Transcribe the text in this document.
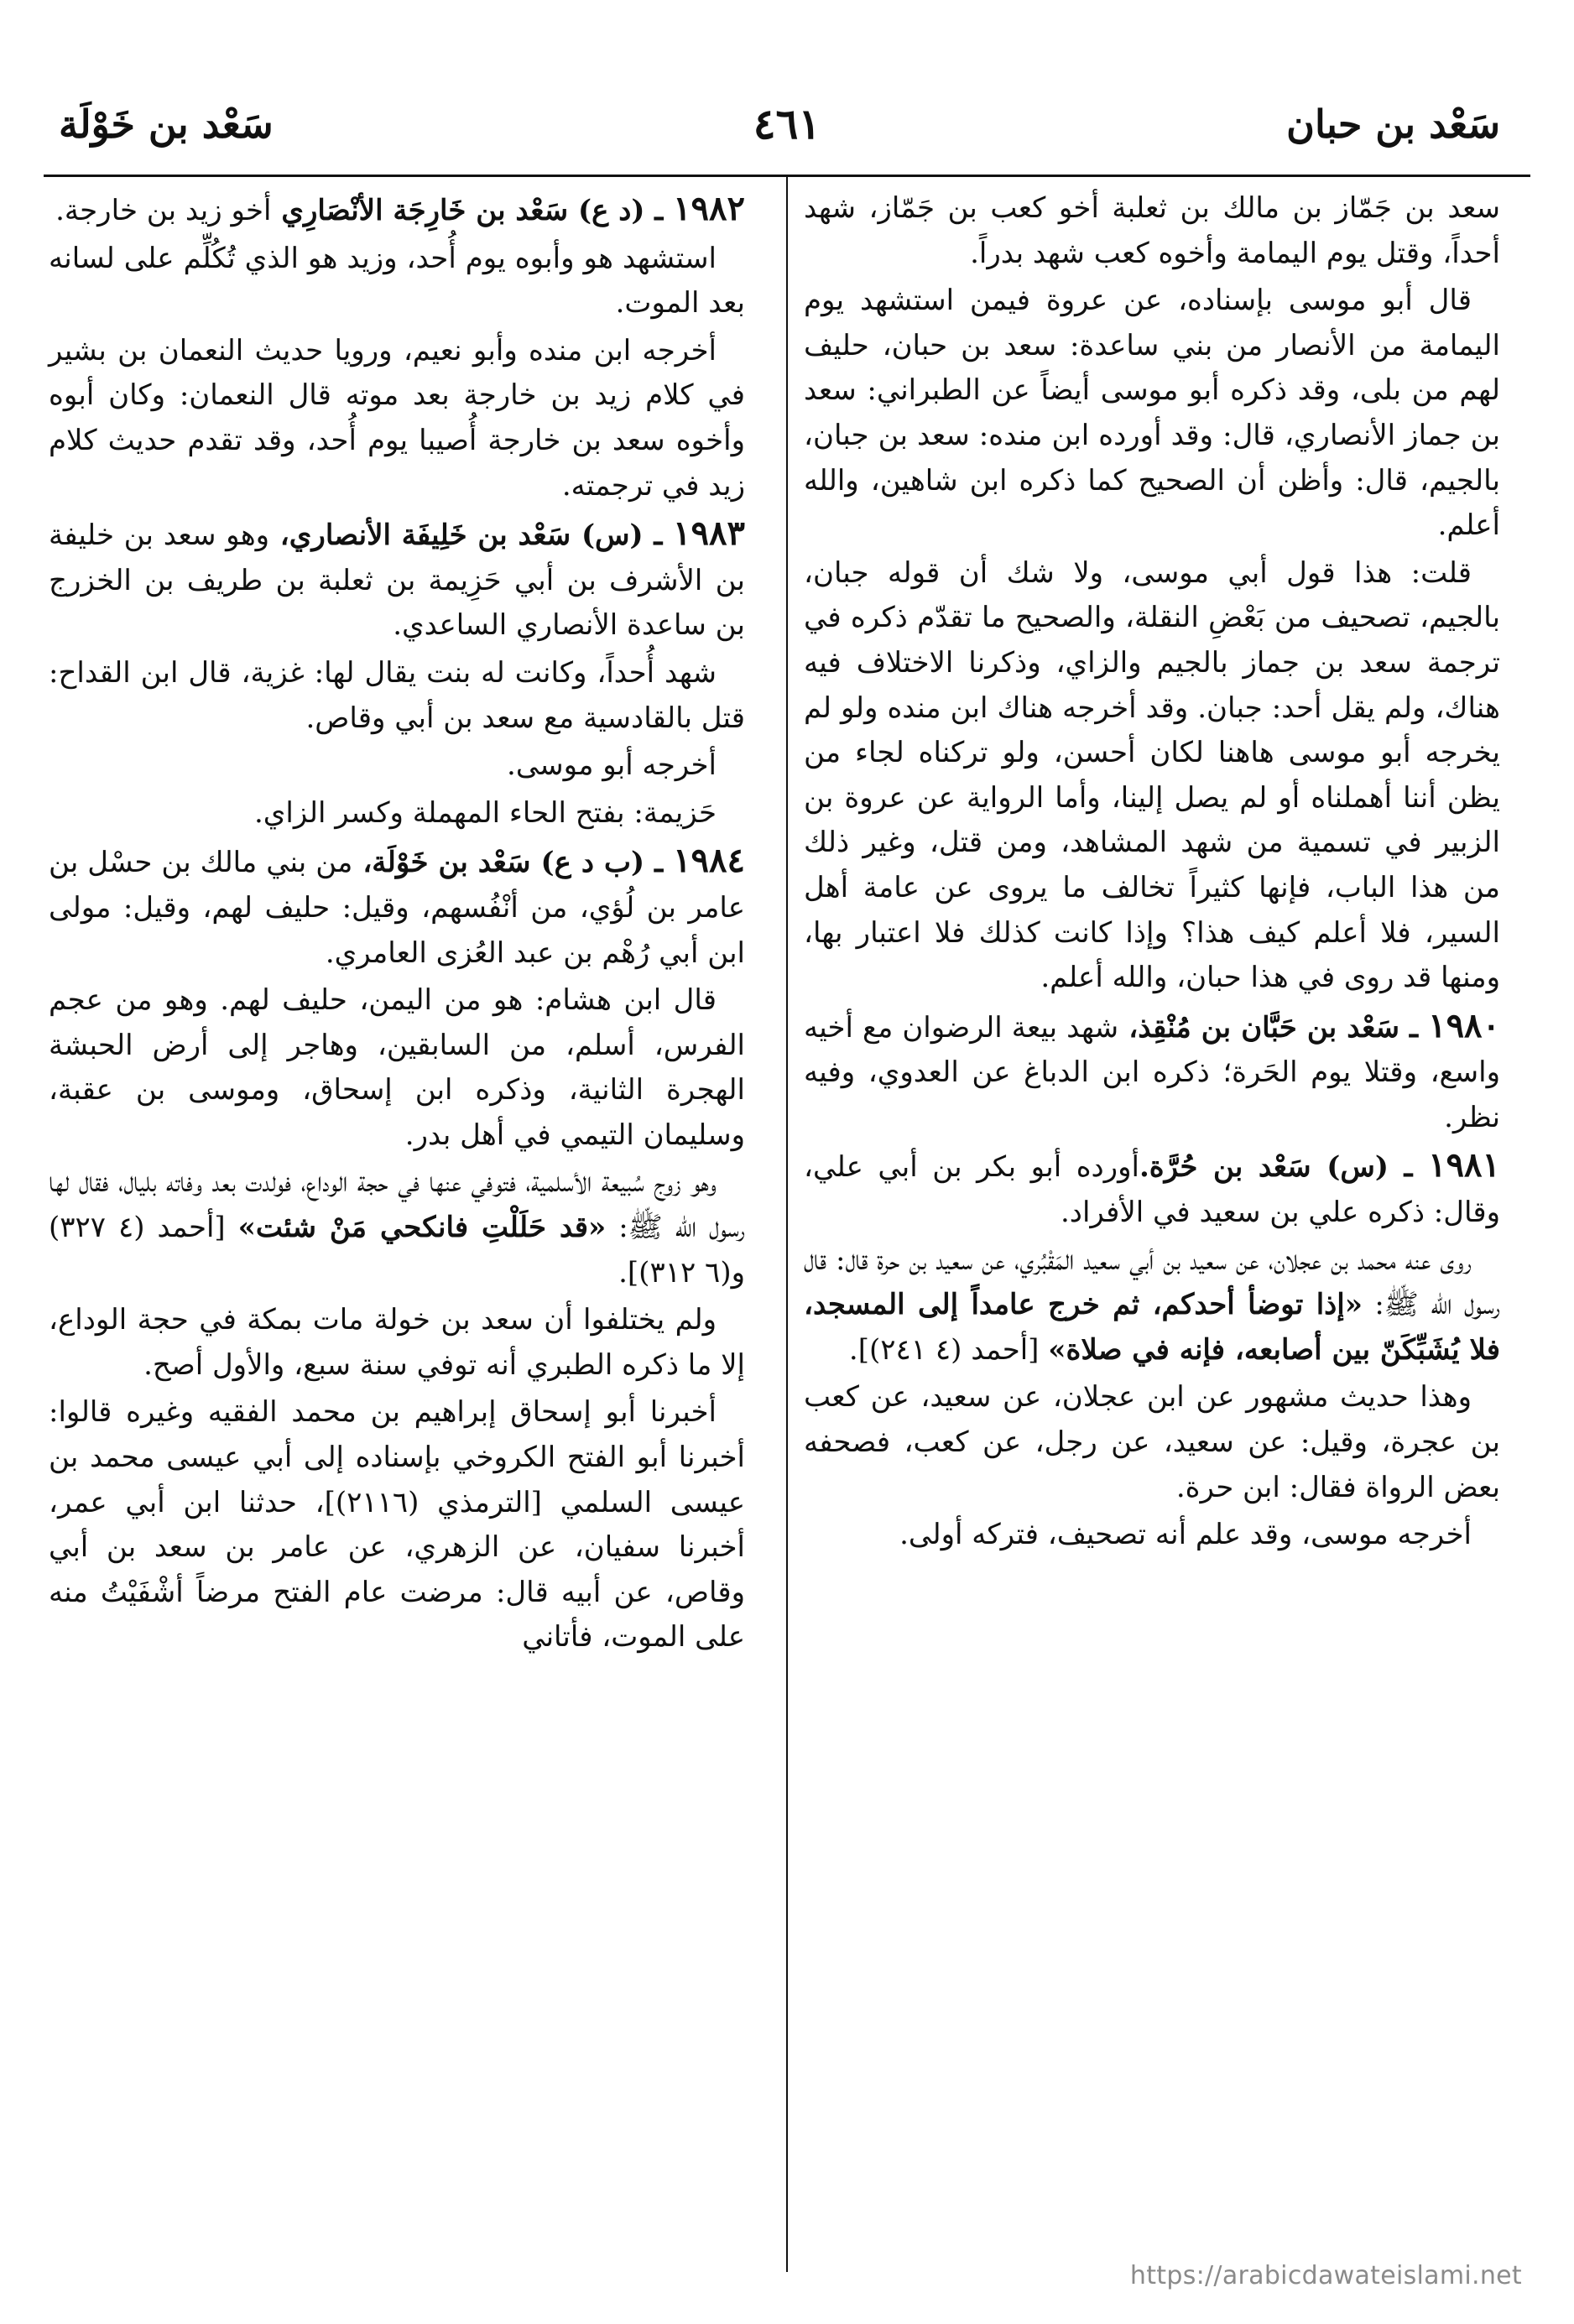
سَعْد بن حبان
٤٦١
سَعْد بن خَوْلَة

سعد بن جَمّاز بن مالك بن ثعلبة أخو كعب بن جَمّاز، شهد أحداً، وقتل يوم اليمامة وأخوه كعب شهد بدراً.

قال أبو موسى بإسناده، عن عروة فيمن استشهد يوم اليمامة من الأنصار من بني ساعدة: سعد بن حبان، حليف لهم من بلى، وقد ذكره أبو موسى أيضاً عن الطبراني: سعد بن جماز الأنصاري، قال: وقد أورده ابن منده: سعد بن جبان، بالجيم، قال: وأظن أن الصحيح كما ذكره ابن شاهين، والله أعلم.

قلت: هذا قول أبي موسى، ولا شك أن قوله جبان، بالجيم، تصحيف من بَعْضِ النقلة، والصحيح ما تقدّم ذكره في ترجمة سعد بن جماز بالجيم والزاي، وذكرنا الاختلاف فيه هناك، ولم يقل أحد: جبان. وقد أخرجه هناك ابن منده ولو لم يخرجه أبو موسى هاهنا لكان أحسن، ولو تركناه لجاء من يظن أننا أهملناه أو لم يصل إلينا، وأما الرواية عن عروة بن الزبير في تسمية من شهد المشاهد، ومن قتل، وغير ذلك من هذا الباب، فإنها كثيراً تخالف ما يروى عن عامة أهل السير، فلا أعلم كيف هذا؟ وإذا كانت كذلك فلا اعتبار بها، ومنها قد روى في هذا حبان، والله أعلم.

١٩٨٠ ـ سَعْد بن حَبَّان بن مُنْقِذ، شهد بيعة الرضوان مع أخيه واسع، وقتلا يوم الحَرة؛ ذكره ابن الدباغ عن العدوي، وفيه نظر.

١٩٨١ ـ (س) سَعْد بن حُرَّة.أورده أبو بكر بن أبي علي، وقال: ذكره علي بن سعيد في الأفراد.

روى عنه محمد بن عجلان، عن سعيد بن أبي سعيد المَقْبُري، عن سعيد بن حرة قال: قال رسول الله ﷺ: «إذا توضأ أحدكم، ثم خرج عامداً إلى المسجد، فلا يُشَبِّكَنّ بين أصابعه، فإنه في صلاة» [أحمد (٤ ٢٤١)].

وهذا حديث مشهور عن ابن عجلان، عن سعيد، عن كعب بن عجرة، وقيل: عن سعيد، عن رجل، عن كعب، فصحفه بعض الرواة فقال: ابن حرة.

أخرجه موسى، وقد علم أنه تصحيف، فتركه أولى.

١٩٨٢ ـ (د ع) سَعْد بن خَارِجَة الأنْصَارِي أخو زيد بن خارجة.

استشهد هو وأبوه يوم أُحد، وزيد هو الذي تُكُلِّم على لسانه بعد الموت.

أخرجه ابن منده وأبو نعيم، ورويا حديث النعمان بن بشير في كلام زيد بن خارجة بعد موته قال النعمان: وكان أبوه وأخوه سعد بن خارجة أُصيبا يوم أُحد، وقد تقدم حديث كلام زيد في ترجمته.

١٩٨٣ ـ (س) سَعْد بن خَلِيفَة الأنصاري، وهو سعد بن خليفة بن الأشرف بن أبي حَزِيمة بن ثعلبة بن طريف بن الخزرج بن ساعدة الأنصاري الساعدي.

شهد أُحداً، وكانت له بنت يقال لها: غزية، قال ابن القداح: قتل بالقادسية مع سعد بن أبي وقاص.

أخرجه أبو موسى.

حَزيمة: بفتح الحاء المهملة وكسر الزاي.

١٩٨٤ ـ (ب د ع) سَعْد بن خَوْلَة، من بني مالك بن حسْل بن عامر بن لُؤي، من أنْفُسهم، وقيل: حليف لهم، وقيل: مولى ابن أبي رُهْم بن عبد العُزى العامري.

قال ابن هشام: هو من اليمن، حليف لهم. وهو من عجم الفرس، أسلم، من السابقين، وهاجر إلى أرض الحبشة الهجرة الثانية، وذكره ابن إسحاق، وموسى بن عقبة، وسليمان التيمي في أهل بدر.

وهو زوج سُبيعة الأسلمية، فتوفي عنها في حجة الوداع، فولدت بعد وفاته بليال، فقال لها رسول الله ﷺ: «قد حَلَلْتِ فانكحي مَنْ شئت» [أحمد (٤ ٣٢٧) و(٦ ٣١٢)].

ولم يختلفوا أن سعد بن خولة مات بمكة في حجة الوداع، إلا ما ذكره الطبري أنه توفي سنة سبع، والأول أصح.

أخبرنا أبو إسحاق إبراهيم بن محمد الفقيه وغيره قالوا: أخبرنا أبو الفتح الكروخي بإسناده إلى أبي عيسى محمد بن عيسى السلمي [الترمذي (٢١١٦)]، حدثنا ابن أبي عمر، أخبرنا سفيان، عن الزهري، عن عامر بن سعد بن أبي وقاص، عن أبيه قال: مرضت عام الفتح مرضاً أشْفَيْتُ منه على الموت، فأتاني

https://arabicdawateislami.net
